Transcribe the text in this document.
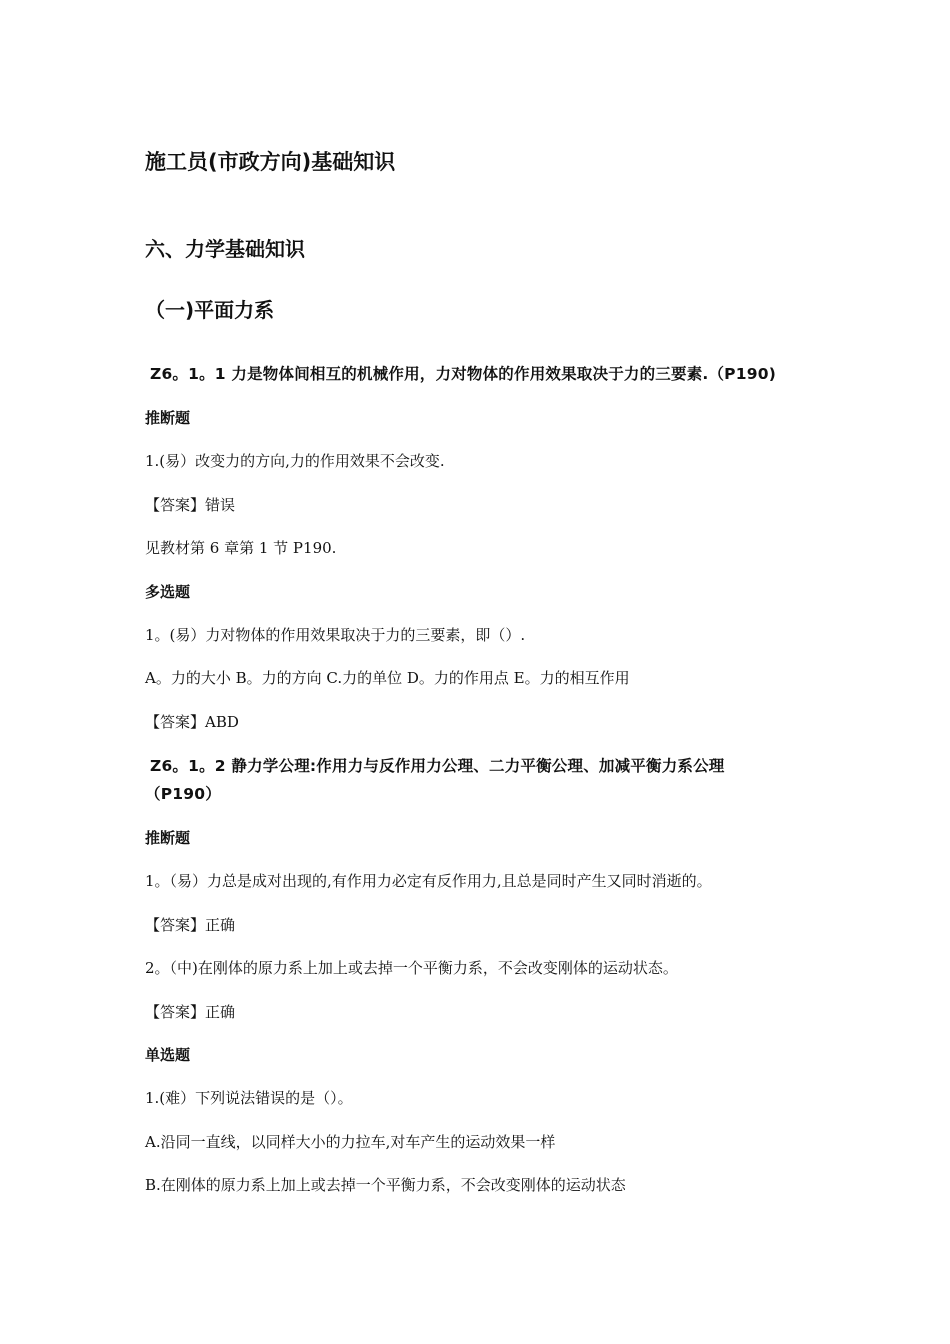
施工员(市政方向)基础知识
六、力学基础知识
（一)平面力系
Z6。1。1 力是物体间相互的机械作用，力对物体的作用效果取决于力的三要素.（P190)
推断题
1.(易）改变力的方向,力的作用效果不会改变.
【答案】错误
见教材第 6 章第 1 节 P190.
多选题
1。(易）力对物体的作用效果取决于力的三要素，即（）.
A。力的大小 B。力的方向 C.力的单位 D。力的作用点 E。力的相互作用
【答案】ABD
Z6。1。2 静力学公理:作用力与反作用力公理、二力平衡公理、加减平衡力系公理
（P190）
推断题
1。（易）力总是成对出现的,有作用力必定有反作用力,且总是同时产生又同时消逝的。
【答案】正确
2。（中)在刚体的原力系上加上或去掉一个平衡力系，不会改变刚体的运动状态。
【答案】正确
单选题
1.(难）下列说法错误的是（）。
A.沿同一直线，以同样大小的力拉车,对车产生的运动效果一样
B.在刚体的原力系上加上或去掉一个平衡力系，不会改变刚体的运动状态
